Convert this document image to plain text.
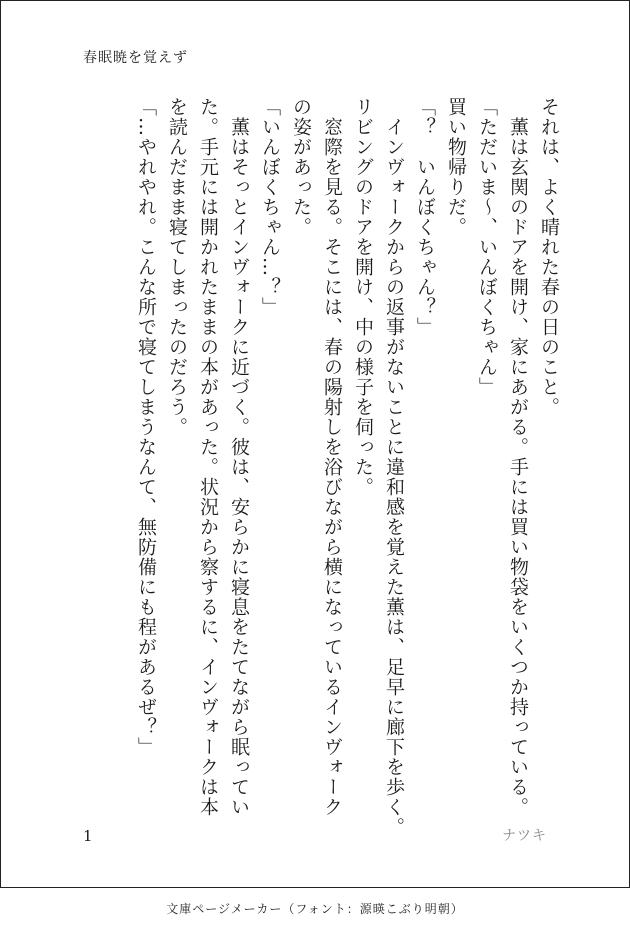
春眠暁を覚えず
それは、よく晴れた春の日のこと。
　薫は玄関のドアを開け、家にあがる。手には買い物袋をいくつか持っている。
「ただいま〜、いんぼくちゃん」
買い物帰りだ。
「？　いんぼくちゃん？」
　インヴォークからの返事がないことに違和感を覚えた薫は、足早に廊下を歩く。
リビングのドアを開け、中の様子を伺った。
　窓際を見る。そこには、春の陽射しを浴びながら横になっているインヴォーク
の姿があった。
「いんぼくちゃん…？」
　薫はそっとインヴォークに近づく。彼は、安らかに寝息をたてながら眠ってい
た。手元には開かれたままの本があった。状況から察するに、インヴォークは本
を読んだまま寝てしまったのだろう。
「…やれやれ。こんな所で寝てしまうなんて、無防備にも程があるぜ？」
1	ナツキ
文庫ページメーカー（フォント：源暎こぶり明朝）
